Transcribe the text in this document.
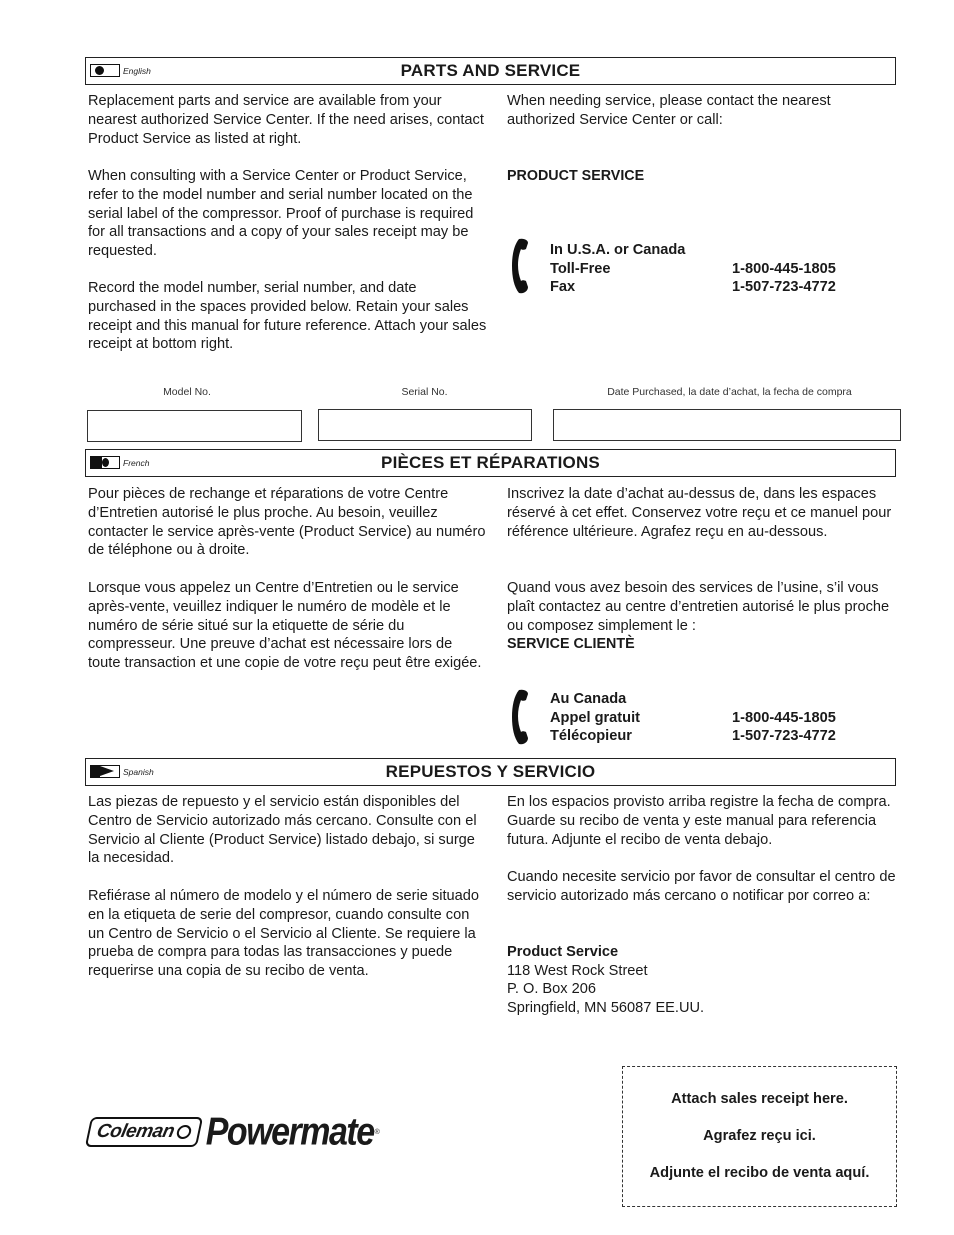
English	PARTS AND SERVICE

Replacement parts and service are available from your nearest authorized Service Center. If the need arises, contact Product Service as listed at right.

When consulting with a Service Center or Product Service, refer to the model number and serial number located on the serial label of the compressor. Proof of purchase is required for all transactions and a copy of your sales receipt may be requested.

Record the model number, serial number, and date purchased in the spaces provided below. Retain your sales receipt and this manual for future reference. Attach your sales receipt at bottom right.

When needing service, please contact the nearest authorized Service Center or call:

PRODUCT SERVICE

In U.S.A. or Canada
Toll-Free	1-800-445-1805
Fax	1-507-723-4772
Model No.	Serial No.	Date Purchased, la date d’achat, la fecha de compra
French	PIÈCES ET RÉPARATIONS

Pour pièces de rechange et réparations de votre Centre d’Entretien autorisé le plus proche. Au besoin, veuillez contacter le service après-vente (Product Service) au numéro de téléphone ou à droite.

Lorsque vous appelez un Centre d’Entretien ou le service après-vente, veuillez indiquer le numéro de modèle et le numéro de série situé sur la etiquette de série du compresseur. Une preuve d’achat est nécessaire lors de toute transaction et une copie de votre reçu peut être exigée.

Inscrivez la date d’achat au-dessus de, dans les espaces réservé à cet effet. Conservez votre reçu et ce manuel pour référence ultérieure. Agrafez reçu en au-dessous.

Quand vous avez besoin des services de l’usine, s’il vous plaît contactez au centre d’entretien autorisé le plus proche ou composez simplement le :

SERVICE CLIENTÈ

Au Canada
Appel gratuit	1-800-445-1805
Télécopieur	1-507-723-4772
Spanish	REPUESTOS Y SERVICIO

Las piezas de repuesto y el servicio están disponibles del Centro de Servicio autorizado más cercano. Consulte con el Servicio al Cliente (Product Service) listado debajo, si surge la necesidad.

Refiérase al número de modelo y el número de serie situado en la etiqueta de serie del compresor, cuando consulte con un Centro de Servicio o el Servicio al Cliente. Se requiere la prueba de compra para todas las transacciones y puede requerirse una copia de su recibo de venta.

En los espacios provisto arriba registre la fecha de compra. Guarde su recibo de venta y este manual para referencia futura. Adjunte el recibo de venta debajo.

Cuando necesite servicio por favor de consultar el centro de servicio autorizado más cercano o notificar por correo a:

Product Service
118 West Rock Street
P. O. Box 206
Springfield, MN 56087 EE.UU.
Coleman Powermate ®
Attach sales receipt here.
Agrafez reçu ici.
Adjunte el recibo de venta aquí.
